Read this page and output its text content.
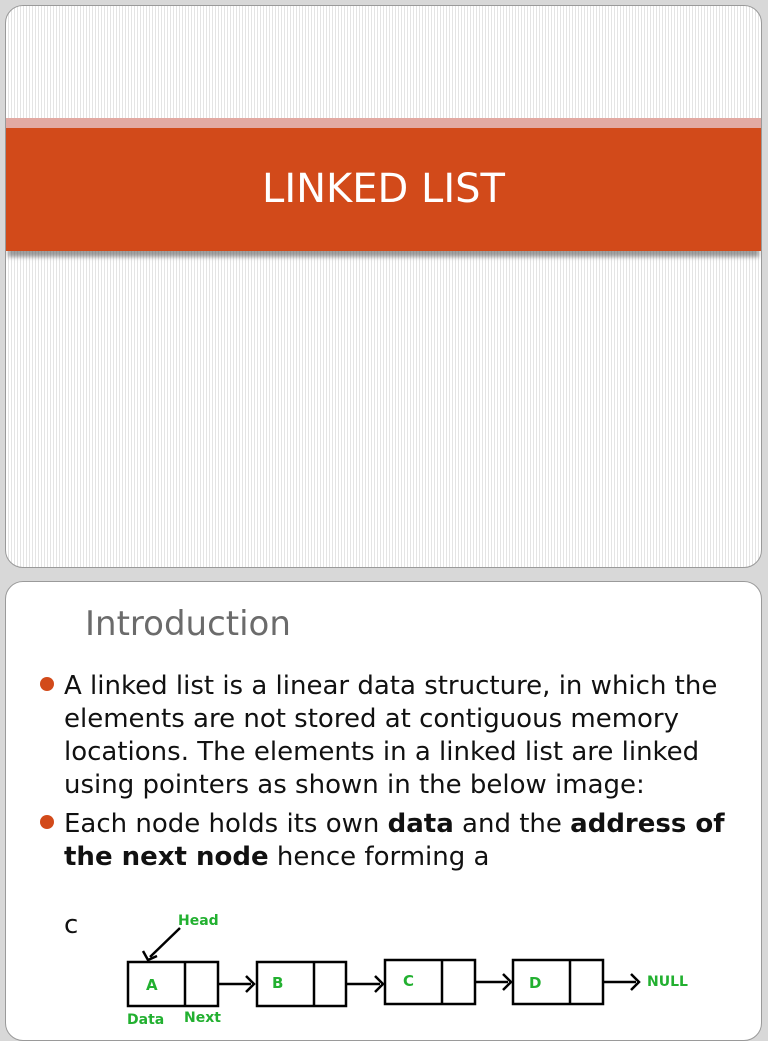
LINKED LIST
Introduction
A linked list is a linear data structure, in which the elements are not stored at contiguous memory locations. The elements in a linked list are linked using pointers as shown in the below image:
Each node holds its own data and the address of the next node hence forming a
c	Head
A	B	C	D	NULL
Data Next
